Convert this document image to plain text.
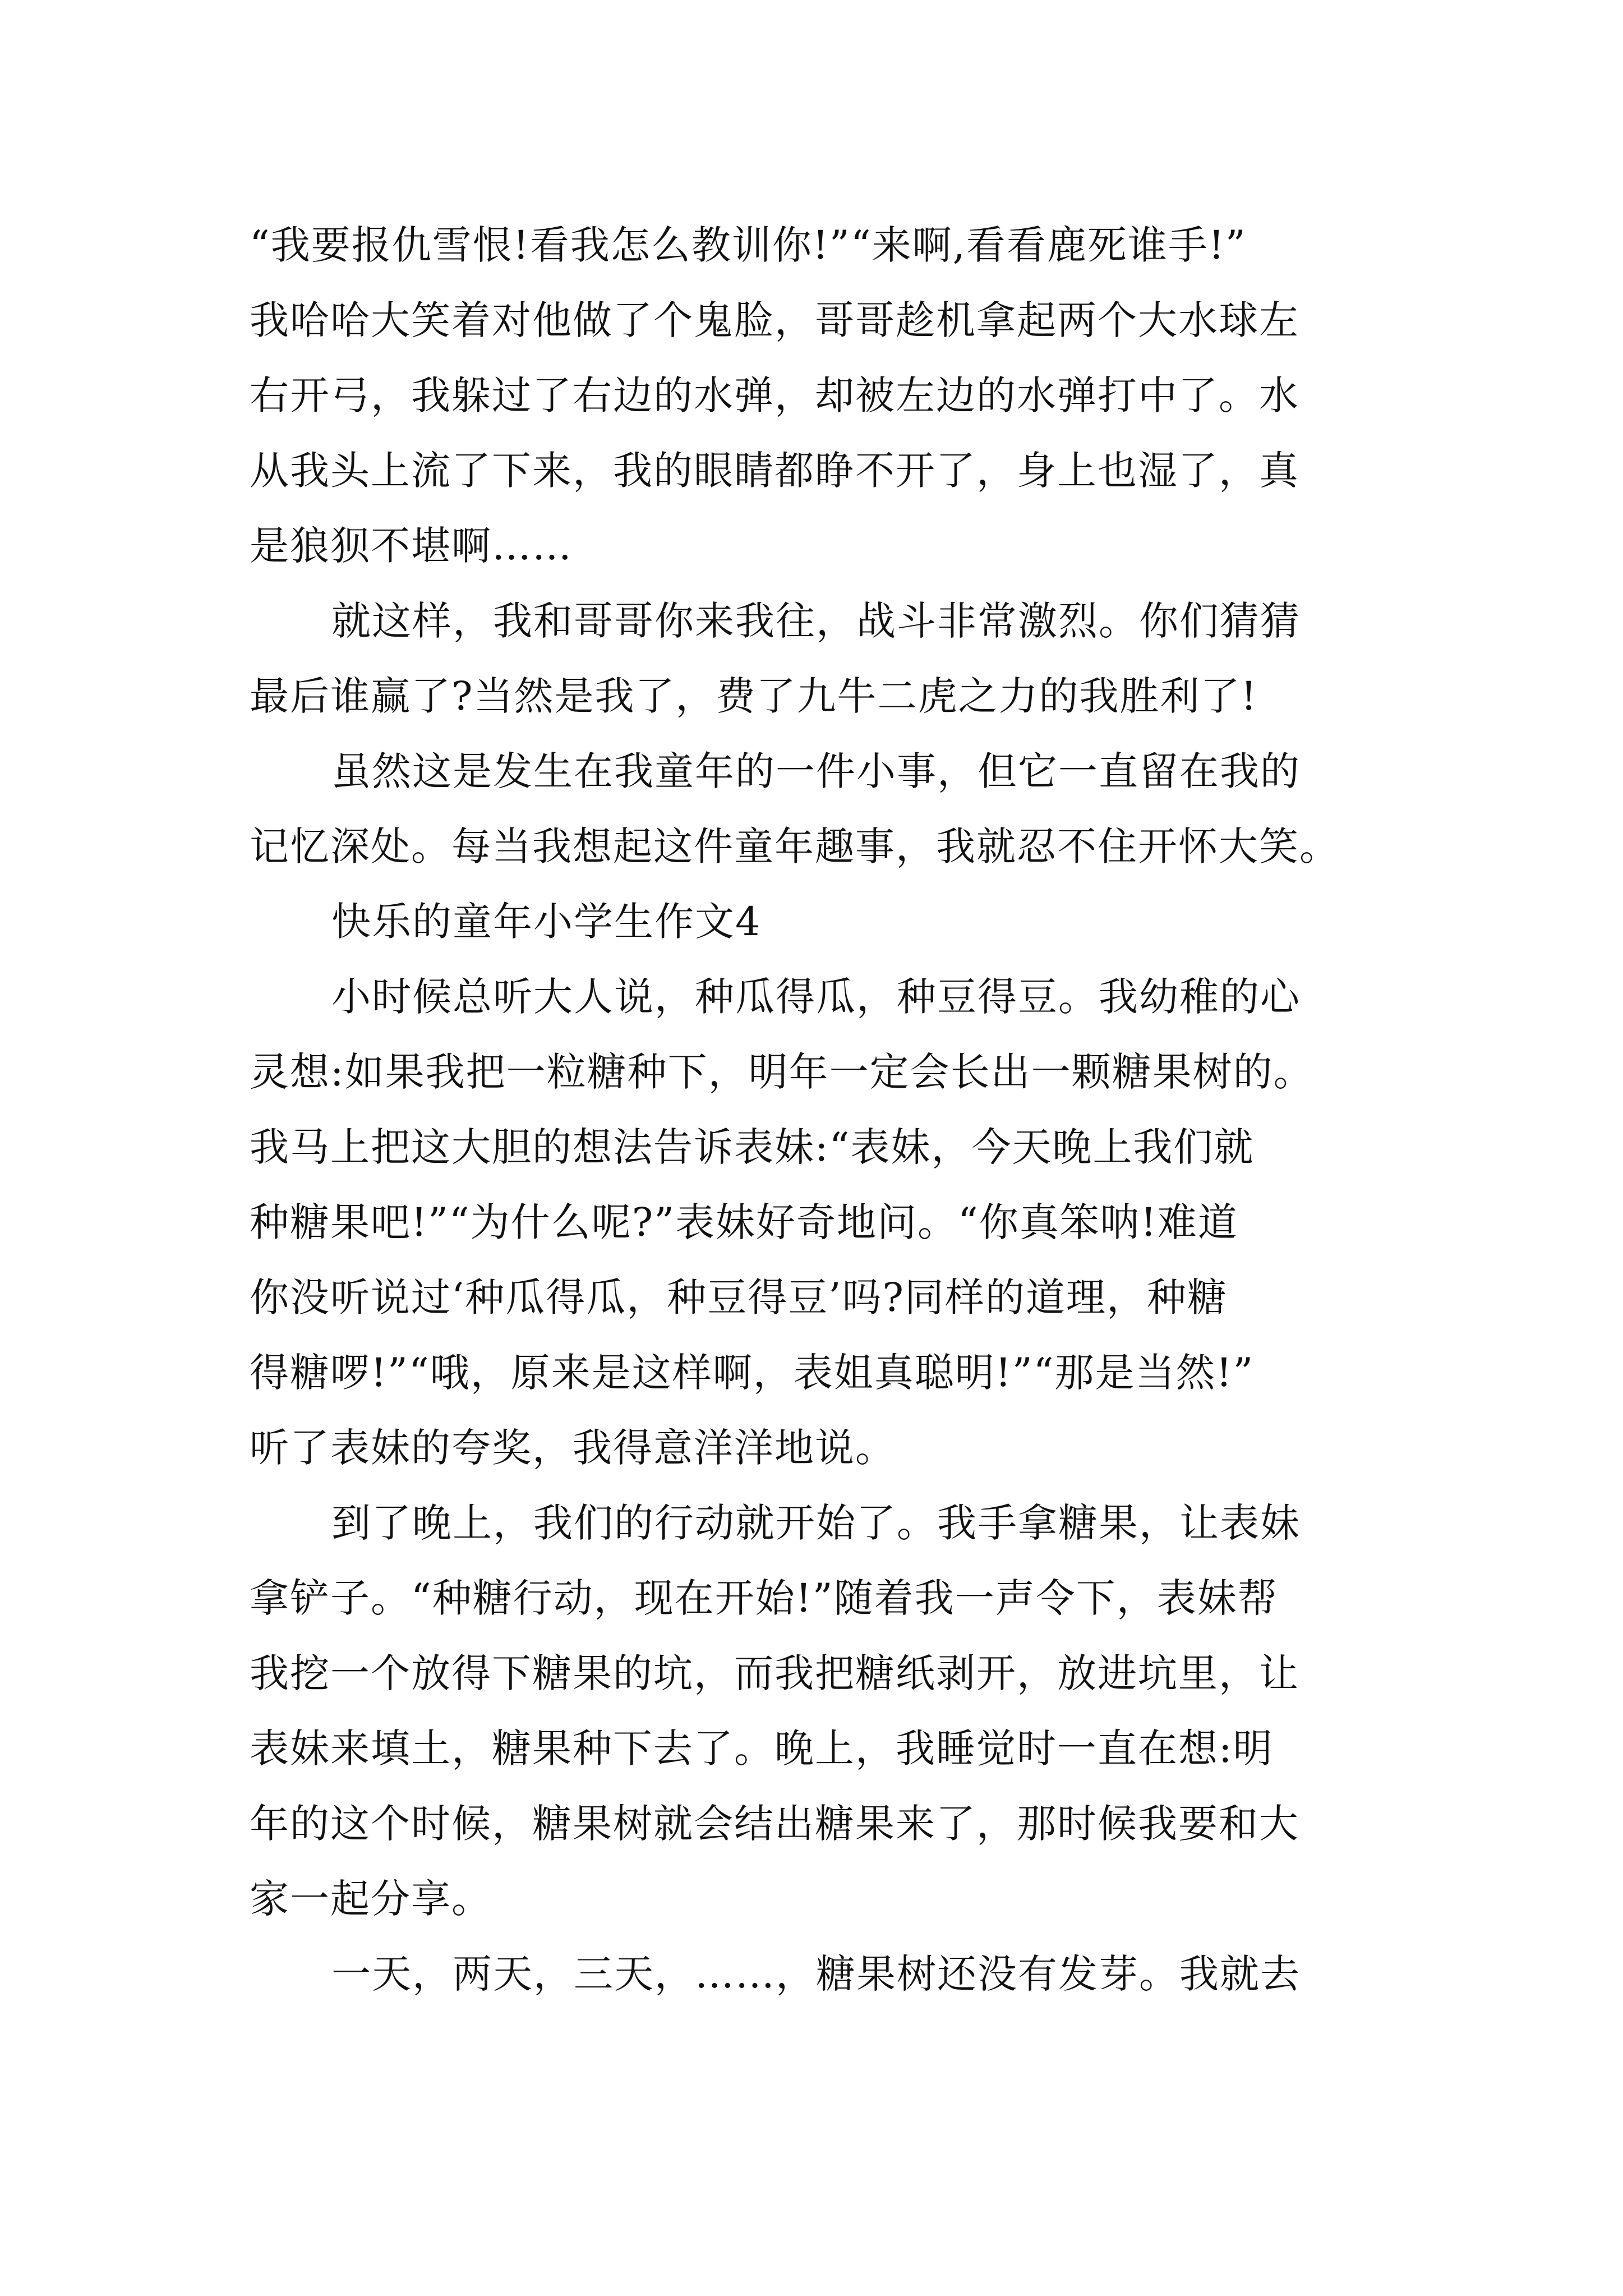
“我要报仇雪恨!看我怎么教训你!”“来啊,看看鹿死谁手!”
我哈哈大笑着对他做了个鬼脸，哥哥趁机拿起两个大水球左
右开弓，我躲过了右边的水弹，却被左边的水弹打中了。水
从我头上流了下来，我的眼睛都睁不开了，身上也湿了，真
是狼狈不堪啊……
就这样，我和哥哥你来我往，战斗非常激烈。你们猜猜
最后谁赢了?当然是我了，费了九牛二虎之力的我胜利了!
虽然这是发生在我童年的一件小事，但它一直留在我的
记忆深处。每当我想起这件童年趣事，我就忍不住开怀大笑。
快乐的童年小学生作文4
小时候总听大人说，种瓜得瓜，种豆得豆。我幼稚的心
灵想:如果我把一粒糖种下，明年一定会长出一颗糖果树的。
我马上把这大胆的想法告诉表妹:“表妹，今天晚上我们就
种糖果吧!”“为什么呢?”表妹好奇地问。“你真笨呐!难道
你没听说过‘种瓜得瓜，种豆得豆’吗?同样的道理，种糖
得糖啰!”“哦，原来是这样啊，表姐真聪明!”“那是当然!”
听了表妹的夸奖，我得意洋洋地说。
到了晚上，我们的行动就开始了。我手拿糖果，让表妹
拿铲子。“种糖行动，现在开始!”随着我一声令下，表妹帮
我挖一个放得下糖果的坑，而我把糖纸剥开，放进坑里，让
表妹来填土，糖果种下去了。晚上，我睡觉时一直在想:明
年的这个时候，糖果树就会结出糖果来了，那时候我要和大
家一起分享。
一天，两天，三天，……，糖果树还没有发芽。我就去
